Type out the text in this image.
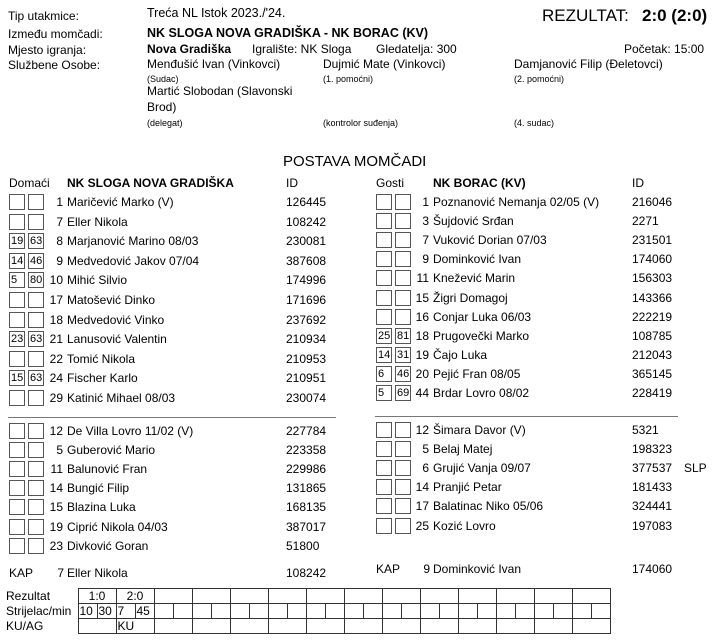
Tip utakmice:	Treća NL Istok 2023./'24.	REZULTAT: 2:0 (2:0)
Između momčadi:	NK SLOGA NOVA GRADIŠKA - NK BORAC (KV)
Mjesto igranja:	Nova Gradiška Igralište: NK Sloga Gledatelja: 300	Početak: 15:00
Službene Osobe:	Menđušić Ivan (Vinkovci)
(Sudac)
Dujmić Mate (Vinkovci)
(1. pomoćni)
Damjanović Filip (Đeletovci)
(2. pomoćni)
Martić Slobodan (Slavonski
Brod)
(delegat)	(kontrolor suđenja)	(4. sudac)
POSTAVA MOMČADI
Domaći NK SLOGA NOVA GRADIŠKA	ID	Gosti NK BORAC (KV)	ID
1 Maričević Marko (V)	126445
7 Eller Nikola	108242
19 63	8 Marjanović Marino 08/03	230081
14 46	9 Medvedović Jakov 07/04	387608
5	80 10 Mihić Silvio	174996
17 Matošević Dinko	171696
18 Medvedović Vinko	237692
23 63 21 Lanusović Valentin	210934
22 Tomić Nikola	210953
15 63 24 Fischer Karlo	210951
29 Katinić Mihael 08/03	230074
1 Poznanović Nemanja 02/05 (V)	216046
3 Šujdović Srđan	2271
7 Vuković Dorian 07/03	231501
9 Dominković Ivan	174060
11 Knežević Marin	156303
15 Žigri Domagoj	143366
16 Conjar Luka 06/03	222219
25 81 18 Prugovečki Marko	108785
14 31 19 Čajo Luka	212043
6	46 20 Pejić Fran 08/05	365145
5	69 44 Brdar Lovro 08/02	228419
12 De Villa Lovro 11/02 (V)	227784
5 Guberović Mario	223358
11 Balunović Fran	229986
14 Bungić Filip	131865
15 Blazina Luka	168135
19 Ciprić Nikola 04/03	387017
23 Divković Goran	51800
12 Šimara Davor (V)	5321
5 Belaj Matej	198323
6 Grujić Vanja 09/07	377537 SLP
14 Pranjić Petar	181433
17 Balatinac Niko 05/06	324441
25 Kozić Lovro	197083
KAP	7 Eller Nikola	108242	KAP	9 Dominković Ivan	174060
Rezultat	1:0		2:0																									
Strijelac/min	10	30	7	45																								
KU/AG			KU																									
